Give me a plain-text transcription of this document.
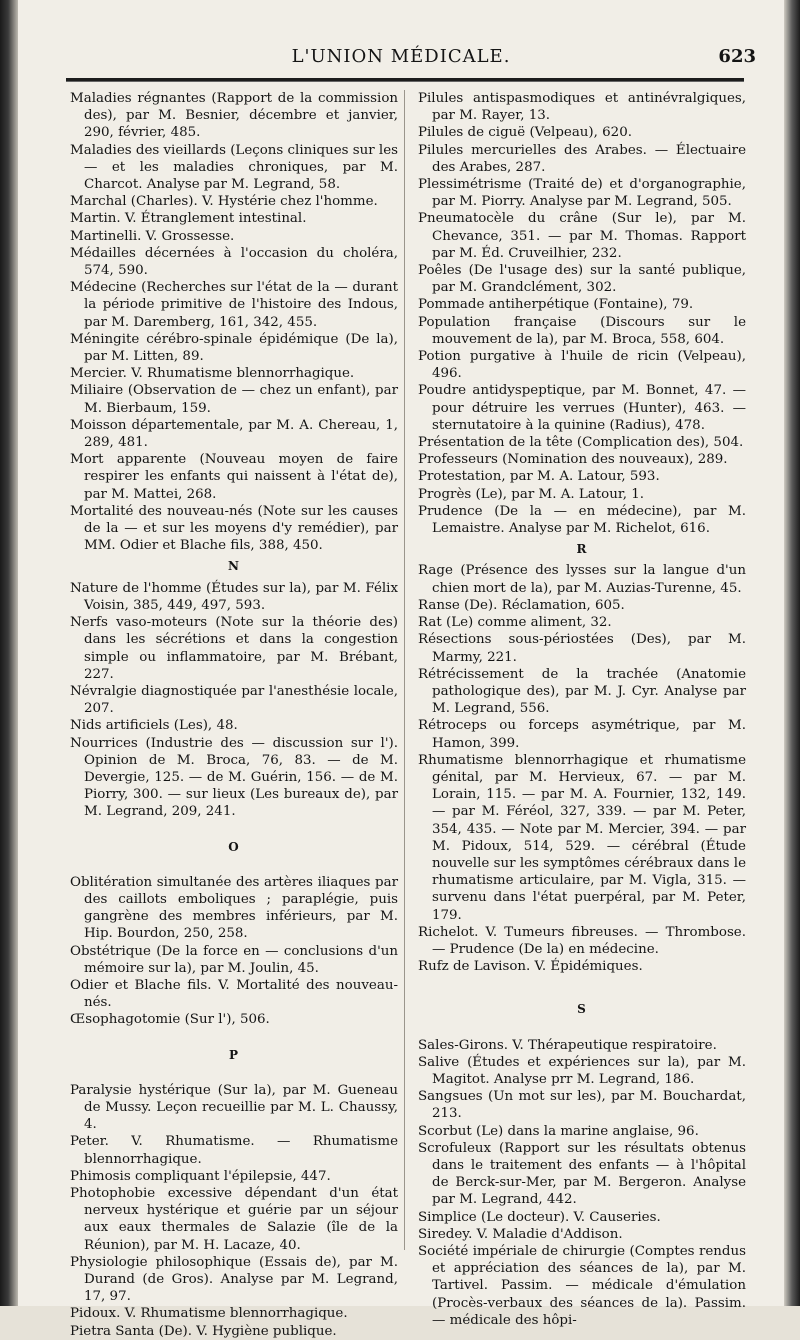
L'UNION MÉDICALE.	623

Maladies régnantes (Rapport de la commission des), par M. Besnier, décembre et janvier, 290, février, 485.

Maladies des vieillards (Leçons cliniques sur les — et les maladies chroniques, par M. Charcot. Analyse par M. Legrand, 58.

Marchal (Charles). V. Hystérie chez l'homme.

Martin. V. Étranglement intestinal.

Martinelli. V. Grossesse.

Médailles décernées à l'occasion du choléra, 574, 590.

Médecine (Recherches sur l'état de la — durant la période primitive de l'histoire des Indous, par M. Daremberg, 161, 342, 455.

Méningite cérébro-spinale épidémique (De la), par M. Litten, 89.

Mercier. V. Rhumatisme blennorrhagique.

Miliaire (Observation de — chez un enfant), par M. Bierbaum, 159.

Moisson départementale, par M. A. Chereau, 1, 289, 481.

Mort apparente (Nouveau moyen de faire respirer les enfants qui naissent à l'état de), par M. Mattei, 268.

Mortalité des nouveau-nés (Note sur les causes de la — et sur les moyens d'y remédier), par MM. Odier et Blache fils, 388, 450.

N

Nature de l'homme (Études sur la), par M. Félix Voisin, 385, 449, 497, 593.

Nerfs vaso-moteurs (Note sur la théorie des) dans les sécrétions et dans la congestion simple ou inflammatoire, par M. Brébant, 227.

Névralgie diagnostiquée par l'anesthésie locale, 207.

Nids artificiels (Les), 48.

Nourrices (Industrie des — discussion sur l'). Opinion de M. Broca, 76, 83. — de M. Devergie, 125. — de M. Guérin, 156. — de M. Piorry, 300. — sur lieux (Les bureaux de), par M. Legrand, 209, 241.

O

Oblitération simultanée des artères iliaques par des caillots emboliques ; paraplégie, puis gangrène des membres inférieurs, par M. Hip. Bourdon, 250, 258.

Obstétrique (De la force en — conclusions d'un mémoire sur la), par M. Joulin, 45.

Odier et Blache fils. V. Mortalité des nouveau-nés.

Œsophagotomie (Sur l'), 506.

P

Paralysie hystérique (Sur la), par M. Gueneau de Mussy. Leçon recueillie par M. L. Chaussy, 4.

Peter. V. Rhumatisme. — Rhumatisme blennorrhagique.

Phimosis compliquant l'épilepsie, 447.

Photophobie excessive dépendant d'un état nerveux hystérique et guérie par un séjour aux eaux thermales de Salazie (île de la Réunion), par M. H. Lacaze, 40.

Physiologie philosophique (Essais de), par M. Durand (de Gros). Analyse par M. Legrand, 17, 97.

Pidoux. V. Rhumatisme blennorrhagique.

Pietra Santa (De). V. Hygiène publique.

Pilules antispasmodiques et antinévralgiques, par M. Rayer, 13.

Pilules de ciguë (Velpeau), 620.

Pilules mercurielles des Arabes. — Électuaire des Arabes, 287.

Plessimétrisme (Traité de) et d'organographie, par M. Piorry. Analyse par M. Legrand, 505.

Pneumatocèle du crâne (Sur le), par M. Chevance, 351. — par M. Thomas. Rapport par M. Éd. Cruveilhier, 232.

Poêles (De l'usage des) sur la santé publique, par M. Grandclément, 302.

Pommade antiherpétique (Fontaine), 79.

Population française (Discours sur le mouvement de la), par M. Broca, 558, 604.

Potion purgative à l'huile de ricin (Velpeau), 496.

Poudre antidyspeptique, par M. Bonnet, 47. — pour détruire les verrues (Hunter), 463. — sternutatoire à la quinine (Radius), 478.

Présentation de la tête (Complication des), 504.

Professeurs (Nomination des nouveaux), 289.

Protestation, par M. A. Latour, 593.

Progrès (Le), par M. A. Latour, 1.

Prudence (De la — en médecine), par M. Lemaistre. Analyse par M. Richelot, 616.

R

Rage (Présence des lysses sur la langue d'un chien mort de la), par M. Auzias-Turenne, 45.

Ranse (De). Réclamation, 605.

Rat (Le) comme aliment, 32.

Résections sous-périostées (Des), par M. Marmy, 221.

Rétrécissement de la trachée (Anatomie pathologique des), par M. J. Cyr. Analyse par M. Legrand, 556.

Rétroceps ou forceps asymétrique, par M. Hamon, 399.

Rhumatisme blennorrhagique et rhumatisme génital, par M. Hervieux, 67. — par M. Lorain, 115. — par M. A. Fournier, 132, 149. — par M. Féréol, 327, 339. — par M. Peter, 354, 435. — Note par M. Mercier, 394. — par M. Pidoux, 514, 529. — cérébral (Étude nouvelle sur les symptômes cérébraux dans le rhumatisme articulaire, par M. Vigla, 315. — survenu dans l'état puerpéral, par M. Peter, 179.

Richelot. V. Tumeurs fibreuses. — Thrombose. — Prudence (De la) en médecine.

Rufz de Lavison. V. Épidémiques.

S

Sales-Girons. V. Thérapeutique respiratoire.

Salive (Études et expériences sur la), par M. Magitot. Analyse prr M. Legrand, 186.

Sangsues (Un mot sur les), par M. Bouchardat, 213.

Scorbut (Le) dans la marine anglaise, 96.

Scrofuleux (Rapport sur les résultats obtenus dans le traitement des enfants — à l'hôpital de Berck-sur-Mer, par M. Bergeron. Analyse par M. Legrand, 442.

Simplice (Le docteur). V. Causeries.

Siredey. V. Maladie d'Addison.

Société impériale de chirurgie (Comptes rendus et appréciation des séances de la), par M. Tartivel. Passim. — médicale d'émulation (Procès-verbaux des séances de la). Passim. — médicale des hôpi-
